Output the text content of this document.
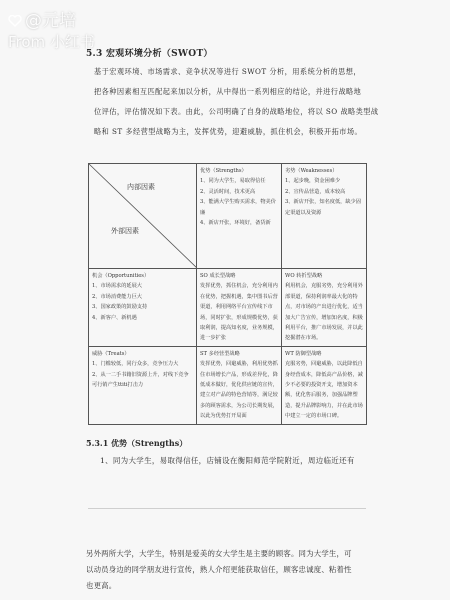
@元培
From 小红书
5.3 宏观环境分析（SWOT）
基于宏观环境、市场需求、竞争状况等进行 SWOT 分析，用系统分析的思想，
把各种因素相互匹配起来加以分析，从中得出一系列相应的结论，并进行战略地
位评估，评估情况如下表。由此，公司明确了自身的战略地位，将以 SO 战略类型战
略和 ST 多经营型战略为主，发挥优势，迎避威胁，抓住机会，积极开拓市场。
内部因素
外部因素	优势（Strengths）
1、同为大学生，易取得信任
2、灵活时间，技术更高
3、能满大学生购买需求，物美价廉
4、新店开张，环境好，备货新	劣势（Weaknesses）
1、起步晚，资金困难少
2、宣传品营造，成本较高
3、新店开张，知名度低，缺少固定渠道以及资源

机会（Opportunities）
1、市场需求的延展大
2、市场消费能力巨大
3、国家政策的鼓励支持
4、新客户、新机遇	SO 成长型战略
发挥优势，抓住机会，充分利用内在优势，把握机遇，集中图书后营渠道，利用网络平台宣传线下市场，同时扩张，形成规模优势，获取利润，提高知名度，业务规模，进一步扩张	WO 转折型战略
利用机会，克服劣势，充分利用外部渠道，保持利润率最大化的特点，对市场的产出进行优化，适当加大广告宣传，增加知名度，积极利用平台，推广市场发展，并以此挖掘潜在市场。

威胁（Treats）
1、门槛较低，同行众多，竞争压力大
2、从一二手书籍旧资源上升，对线下竞争可行销产生ttiti打击力	ST 多经营型战略
发挥优势，回避威胁，利用优势抓住市场增长产品，形成差异化，降低成本做好，优化供应链的宣传，建立对产品的特色营销等，满足较多的顾客需求，为公司长期发展，以此为优势打开局面	WT 防御型战略
克服劣势，回避威胁，以此降低自身经营成本，降低高产品价格，减少不必要的投资开支，增加资本额，优化售后服务，加强品牌塑造，提升品牌影响力，并在此市场中建立一定的市场口碑。
5.3.1 优势（Strengths）
1、同为大学生，易取得信任，店铺设在衡阳师范学院附近，周边临近还有
另外两所大学，大学生，特别是爱美的女大学生是主要的顾客。同为大学生，可
以动员身边的同学朋友进行宣传，熟人介绍更能获取信任，顾客忠诚度、粘着性
也更高。
